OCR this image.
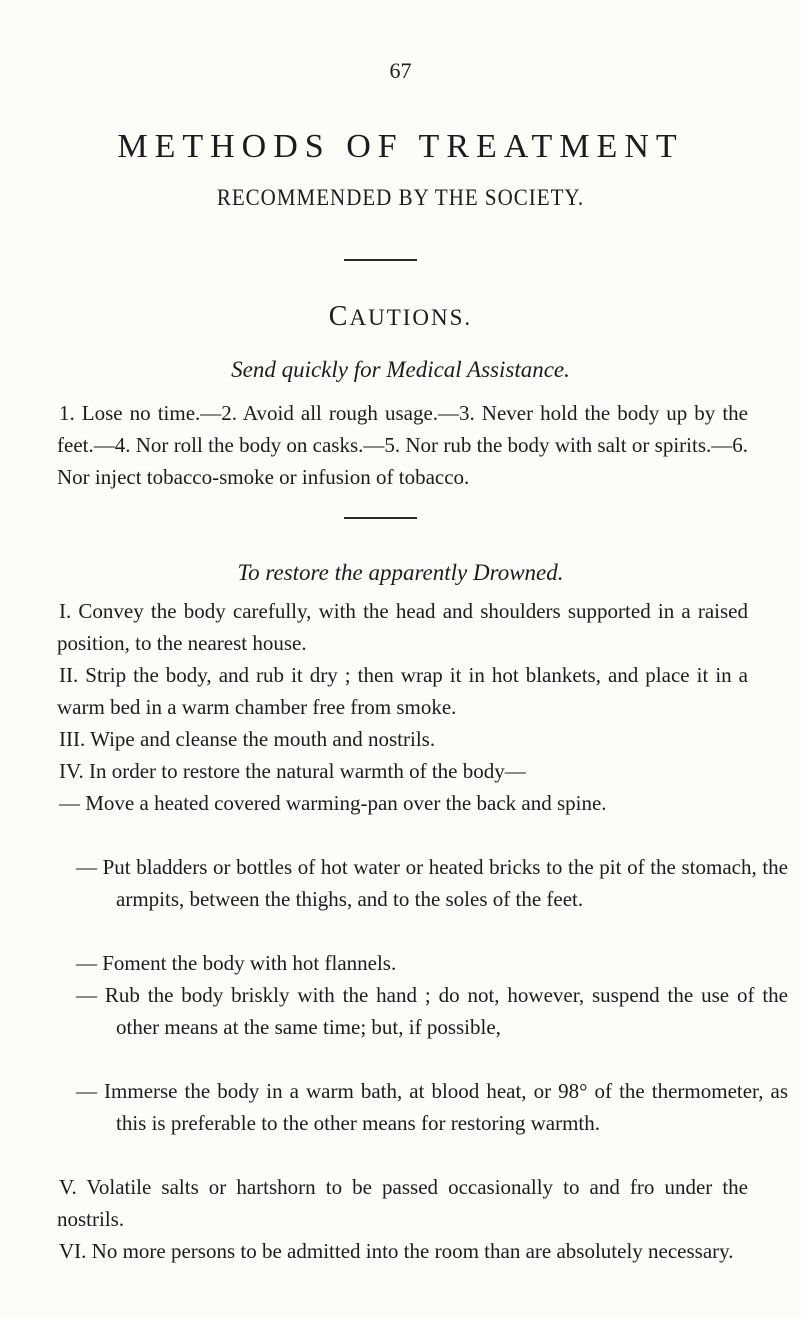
67
METHODS OF TREATMENT
RECOMMENDED BY THE SOCIETY.
CAUTIONS.
Send quickly for Medical Assistance.

1. Lose no time.—2. Avoid all rough usage.—3. Never hold the body up by the feet.—4. Nor roll the body on casks.—5. Nor rub the body with salt or spirits.—6. Nor inject tobacco-smoke or infusion of tobacco.

To restore the apparently Drowned.

I. Convey the body carefully, with the head and shoulders supported in a raised position, to the nearest house.

II. Strip the body, and rub it dry ; then wrap it in hot blankets, and place it in a warm bed in a warm chamber free from smoke.

III. Wipe and cleanse the mouth and nostrils.

IV. In order to restore the natural warmth of the body—

— Move a heated covered warming-pan over the back and spine.

— Put bladders or bottles of hot water or heated bricks to the pit of the stomach, the armpits, between the thighs, and to the soles of the feet.

— Foment the body with hot flannels.

— Rub the body briskly with the hand ; do not, however, suspend the use of the other means at the same time; but, if possible,

— Immerse the body in a warm bath, at blood heat, or 98° of the thermometer, as this is preferable to the other means for restoring warmth.

V. Volatile salts or hartshorn to be passed occasionally to and fro under the nostrils.

VI. No more persons to be admitted into the room than are absolutely necessary.
